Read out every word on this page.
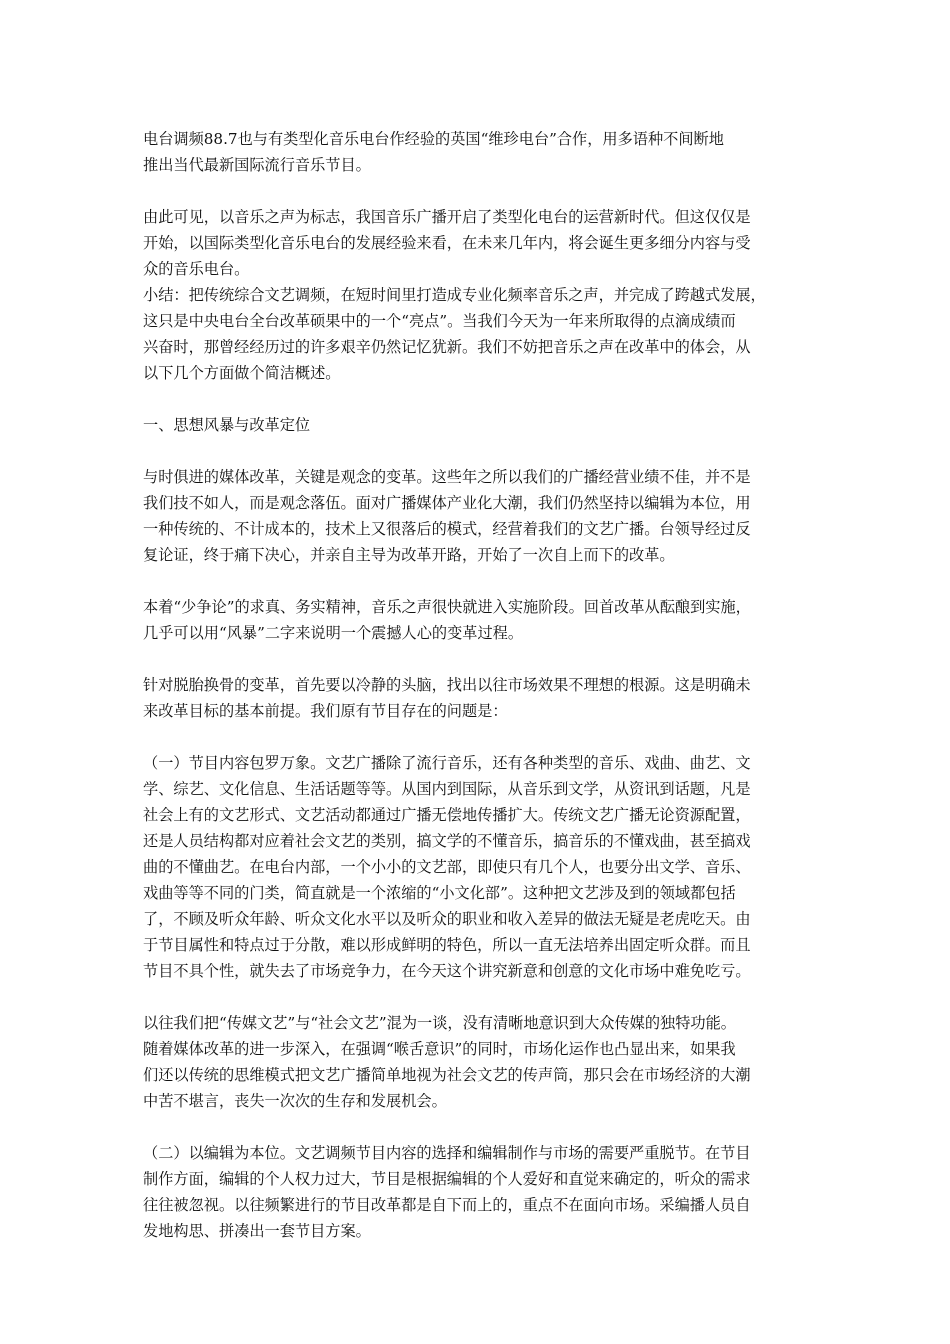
电台调频88.7也与有类型化音乐电台作经验的英国“维珍电台”合作，用多语种不间断地
推出当代最新国际流行音乐节目。
由此可见，以音乐之声为标志，我国音乐广播开启了类型化电台的运营新时代。但这仅仅是
开始，以国际类型化音乐电台的发展经验来看，在未来几年内，将会诞生更多细分内容与受
众的音乐电台。
小结：把传统综合文艺调频，在短时间里打造成专业化频率音乐之声，并完成了跨越式发展，
这只是中央电台全台改革硕果中的一个“亮点”。当我们今天为一年来所取得的点滴成绩而
兴奋时，那曾经经历过的许多艰辛仍然记忆犹新。我们不妨把音乐之声在改革中的体会，从
以下几个方面做个简洁概述。
一、思想风暴与改革定位
与时俱进的媒体改革，关键是观念的变革。这些年之所以我们的广播经营业绩不佳，并不是
我们技不如人，而是观念落伍。面对广播媒体产业化大潮，我们仍然坚持以编辑为本位，用
一种传统的、不计成本的，技术上又很落后的模式，经营着我们的文艺广播。台领导经过反
复论证，终于痛下决心，并亲自主导为改革开路，开始了一次自上而下的改革。
本着“少争论”的求真、务实精神，音乐之声很快就进入实施阶段。回首改革从酝酿到实施，
几乎可以用“风暴”二字来说明一个震撼人心的变革过程。
针对脱胎换骨的变革，首先要以冷静的头脑，找出以往市场效果不理想的根源。这是明确未
来改革目标的基本前提。我们原有节目存在的问题是：
（一）节目内容包罗万象。文艺广播除了流行音乐，还有各种类型的音乐、戏曲、曲艺、文
学、综艺、文化信息、生活话题等等。从国内到国际，从音乐到文学，从资讯到话题，凡是
社会上有的文艺形式、文艺活动都通过广播无偿地传播扩大。传统文艺广播无论资源配置，
还是人员结构都对应着社会文艺的类别，搞文学的不懂音乐，搞音乐的不懂戏曲，甚至搞戏
曲的不懂曲艺。在电台内部，一个小小的文艺部，即使只有几个人，也要分出文学、音乐、
戏曲等等不同的门类，简直就是一个浓缩的“小文化部”。这种把文艺涉及到的领域都包括
了，不顾及听众年龄、听众文化水平以及听众的职业和收入差异的做法无疑是老虎吃天。由
于节目属性和特点过于分散，难以形成鲜明的特色，所以一直无法培养出固定听众群。而且
节目不具个性，就失去了市场竞争力，在今天这个讲究新意和创意的文化市场中难免吃亏。
以往我们把“传媒文艺”与“社会文艺”混为一谈，没有清晰地意识到大众传媒的独特功能。
随着媒体改革的进一步深入，在强调“喉舌意识”的同时，市场化运作也凸显出来，如果我
们还以传统的思维模式把文艺广播简单地视为社会文艺的传声筒，那只会在市场经济的大潮
中苦不堪言，丧失一次次的生存和发展机会。
（二）以编辑为本位。文艺调频节目内容的选择和编辑制作与市场的需要严重脱节。在节目
制作方面，编辑的个人权力过大，节目是根据编辑的个人爱好和直觉来确定的，听众的需求
往往被忽视。以往频繁进行的节目改革都是自下而上的，重点不在面向市场。采编播人员自
发地构思、拼凑出一套节目方案。
